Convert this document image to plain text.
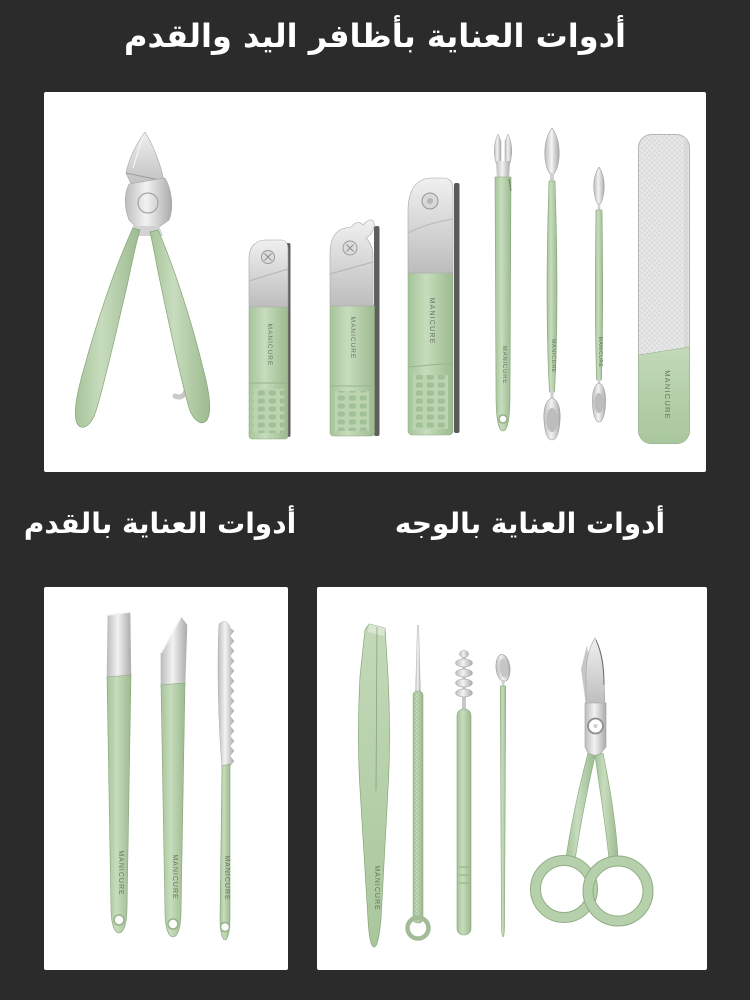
أدوات العناية بأظافر اليد والقدم
أدوات العناية بالقدم	أدوات العناية بالوجه
MANICURE	MANICURE	MANICURE
MANICURE	MANICURE	MANICURE
MANICURE
MANICURE	MANICURE	MANICURE	MANICURE
